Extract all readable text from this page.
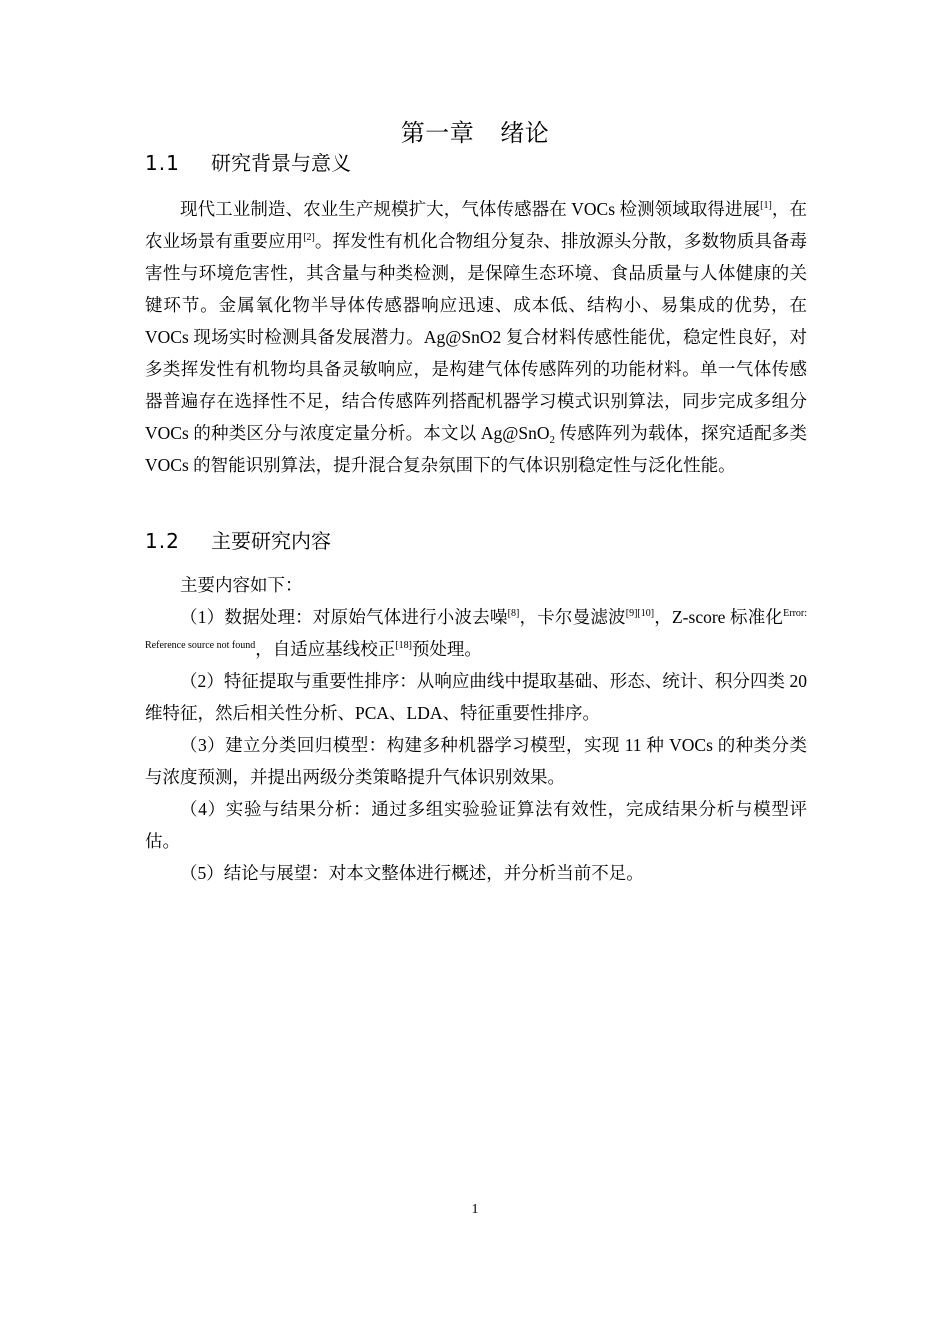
第一章 绪论
1.1 研究背景与意义

现代工业制造、农业生产规模扩大，气体传感器在 VOCs 检测领域取得进展[1]，在农业场景有重要应用[2]。挥发性有机化合物组分复杂、排放源头分散，多数物质具备毒害性与环境危害性，其含量与种类检测，是保障生态环境、食品质量与人体健康的关键环节。金属氧化物半导体传感器响应迅速、成本低、结构小、易集成的优势，在 VOCs 现场实时检测具备发展潜力。Ag@SnO2 复合材料传感性能优，稳定性良好，对多类挥发性有机物均具备灵敏响应，是构建气体传感阵列的功能材料。单一气体传感器普遍存在选择性不足，结合传感阵列搭配机器学习模式识别算法，同步完成多组分 VOCs 的种类区分与浓度定量分析。本文以 Ag@SnO$_2$ 传感阵列为载体，探究适配多类 VOCs 的智能识别算法，提升混合复杂氛围下的气体识别稳定性与泛化性能。

1.2 主要研究内容

主要内容如下：

（1）数据处理：对原始气体进行小波去噪[8]，卡尔曼滤波[9][10]，Z-score 标准化$^{Error: Reference source not found}$，自适应基线校正[18]预处理。

（2）特征提取与重要性排序：从响应曲线中提取基础、形态、统计、积分四类 20 维特征，然后相关性分析、PCA、LDA、特征重要性排序。

（3）建立分类回归模型：构建多种机器学习模型，实现 11 种 VOCs 的种类分类与浓度预测，并提出两级分类策略提升气体识别效果。

（4）实验与结果分析：通过多组实验验证算法有效性，完成结果分析与模型评估。

（5）结论与展望：对本文整体进行概述，并分析当前不足。

1
